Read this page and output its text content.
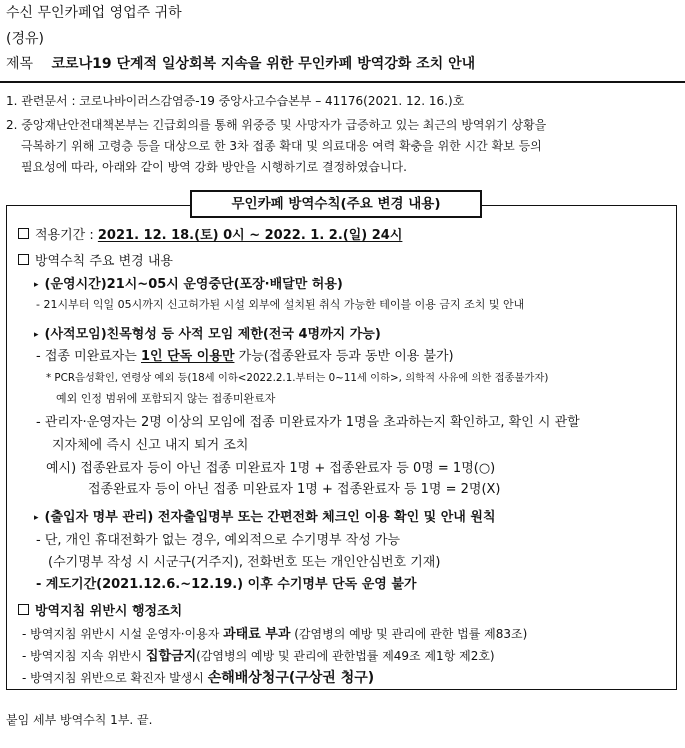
수신 무인카페업 영업주 귀하
(경유)
제목 코로나19 단계적 일상회복 지속을 위한 무인카페 방역강화 조치 안내
1. 관련문서 : 코로나바이러스감염증-19 중앙사고수습본부 – 41176(2021. 12. 16.)호
2. 중앙재난안전대책본부는 긴급회의를 통해 위중증 및 사망자가 급증하고 있는 최근의 방역위기 상황을
극복하기 위해 고령층 등을 대상으로 한 3차 접종 확대 및 의료대응 여력 확충을 위한 시간 확보 등의
필요성에 따라, 아래와 같이 방역 강화 방안을 시행하기로 결정하였습니다.
무인카페 방역수칙(주요 변경 내용)
적용기간 : 2021. 12. 18.(토) 0시 ~ 2022. 1. 2.(일) 24시
방역수칙 주요 변경 내용
▸ (운영시간)21시~05시 운영중단(포장·배달만 허용)
- 21시부터 익일 05시까지 신고허가된 시설 외부에 설치된 취식 가능한 테이블 이용 금지 조치 및 안내
▸ (사적모임)친목형성 등 사적 모임 제한(전국 4명까지 가능)
- 접종 미완료자는 1인 단독 이용만 가능(접종완료자 등과 동반 이용 불가)
* PCR음성확인, 연령상 예외 등(18세 이하<2022.2.1.부터는 0~11세 이하>, 의학적 사유에 의한 접종불가자)
예외 인정 범위에 포함되지 않는 접종미완료자
- 관리자·운영자는 2명 이상의 모임에 접종 미완료자가 1명을 초과하는지 확인하고, 확인 시 관할
지자체에 즉시 신고 내지 퇴거 조치
예시) 접종완료자 등이 아닌 접종 미완료자 1명 + 접종완료자 등 0명 = 1명(○)
접종완료자 등이 아닌 접종 미완료자 1명 + 접종완료자 등 1명 = 2명(X)
▸ (출입자 명부 관리) 전자출입명부 또는 간편전화 체크인 이용 확인 및 안내 원칙
- 단, 개인 휴대전화가 없는 경우, 예외적으로 수기명부 작성 가능
(수기명부 작성 시 시군구(거주지), 전화번호 또는 개인안심번호 기재)
- 계도기간(2021.12.6.~12.19.) 이후 수기명부 단독 운영 불가
방역지침 위반시 행정조치
- 방역지침 위반시 시설 운영자·이용자 과태료 부과 (감염병의 예방 및 관리에 관한 법률 제83조)
- 방역지침 지속 위반시 집합금지(감염병의 예방 및 관리에 관한법률 제49조 제1항 제2호)
- 방역지침 위반으로 확진자 발생시 손해배상청구(구상권 청구)
붙임 세부 방역수칙 1부. 끝.
